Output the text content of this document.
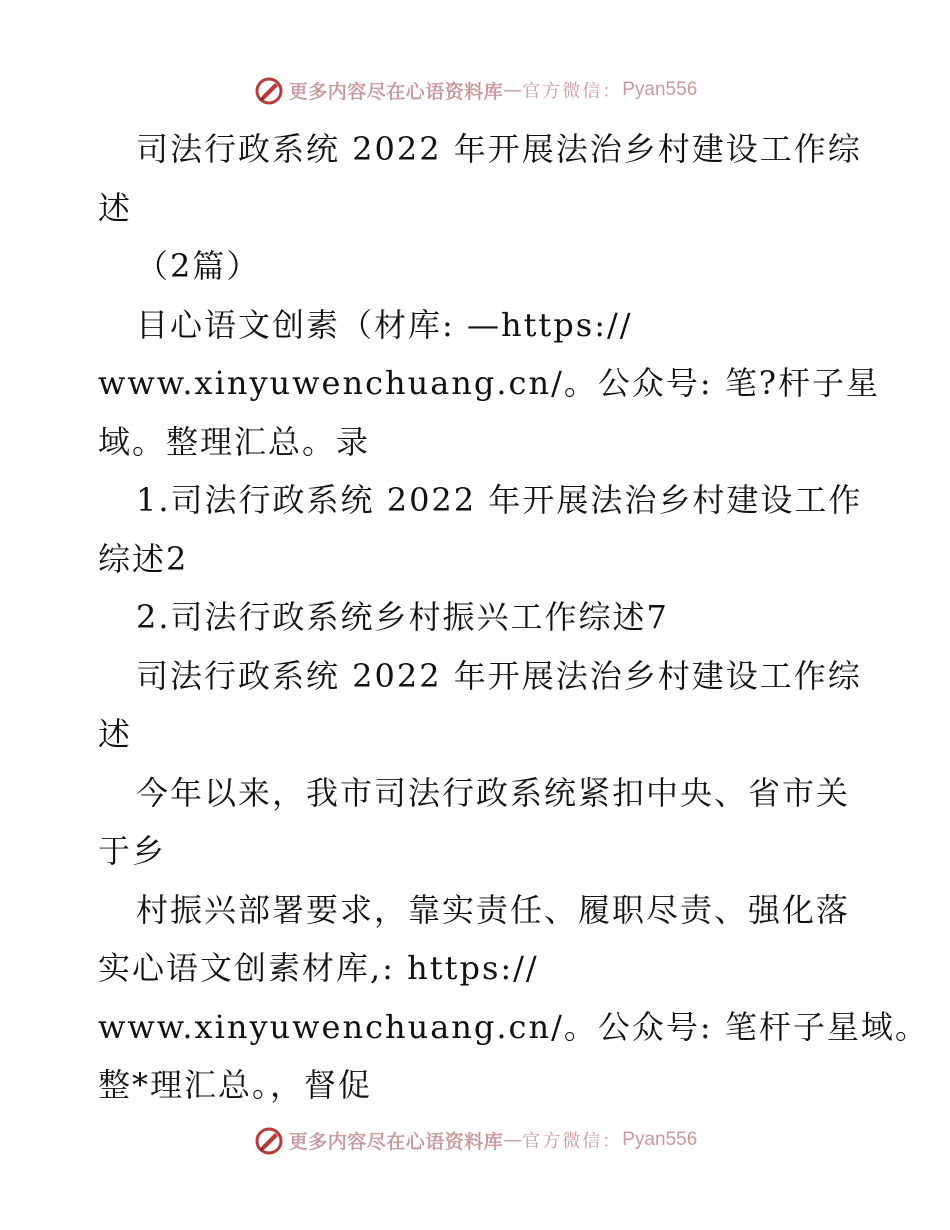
更多内容尽在心语资料库 — 官方微信： Pyan556
司法行政系统 2022 年开展法治乡村建设工作综
述
（2篇）
目心语文创素（材库: —https://
www.xinyuwenchuang.cn/。公众号: 笔?杆子星
域。整理汇总。录
1.司法行政系统 2022 年开展法治乡村建设工作
综述2
2.司法行政系统乡村振兴工作综述7
司法行政系统 2022 年开展法治乡村建设工作综
述
今年以来，我市司法行政系统紧扣中央、省市关
于乡
村振兴部署要求，靠实责任、履职尽责、强化落
实心语文创素材库,: https://
www.xinyuwenchuang.cn/。公众号: 笔杆子星域。
整*理汇总。，督促
更多内容尽在心语资料库 — 官方微信： Pyan556
